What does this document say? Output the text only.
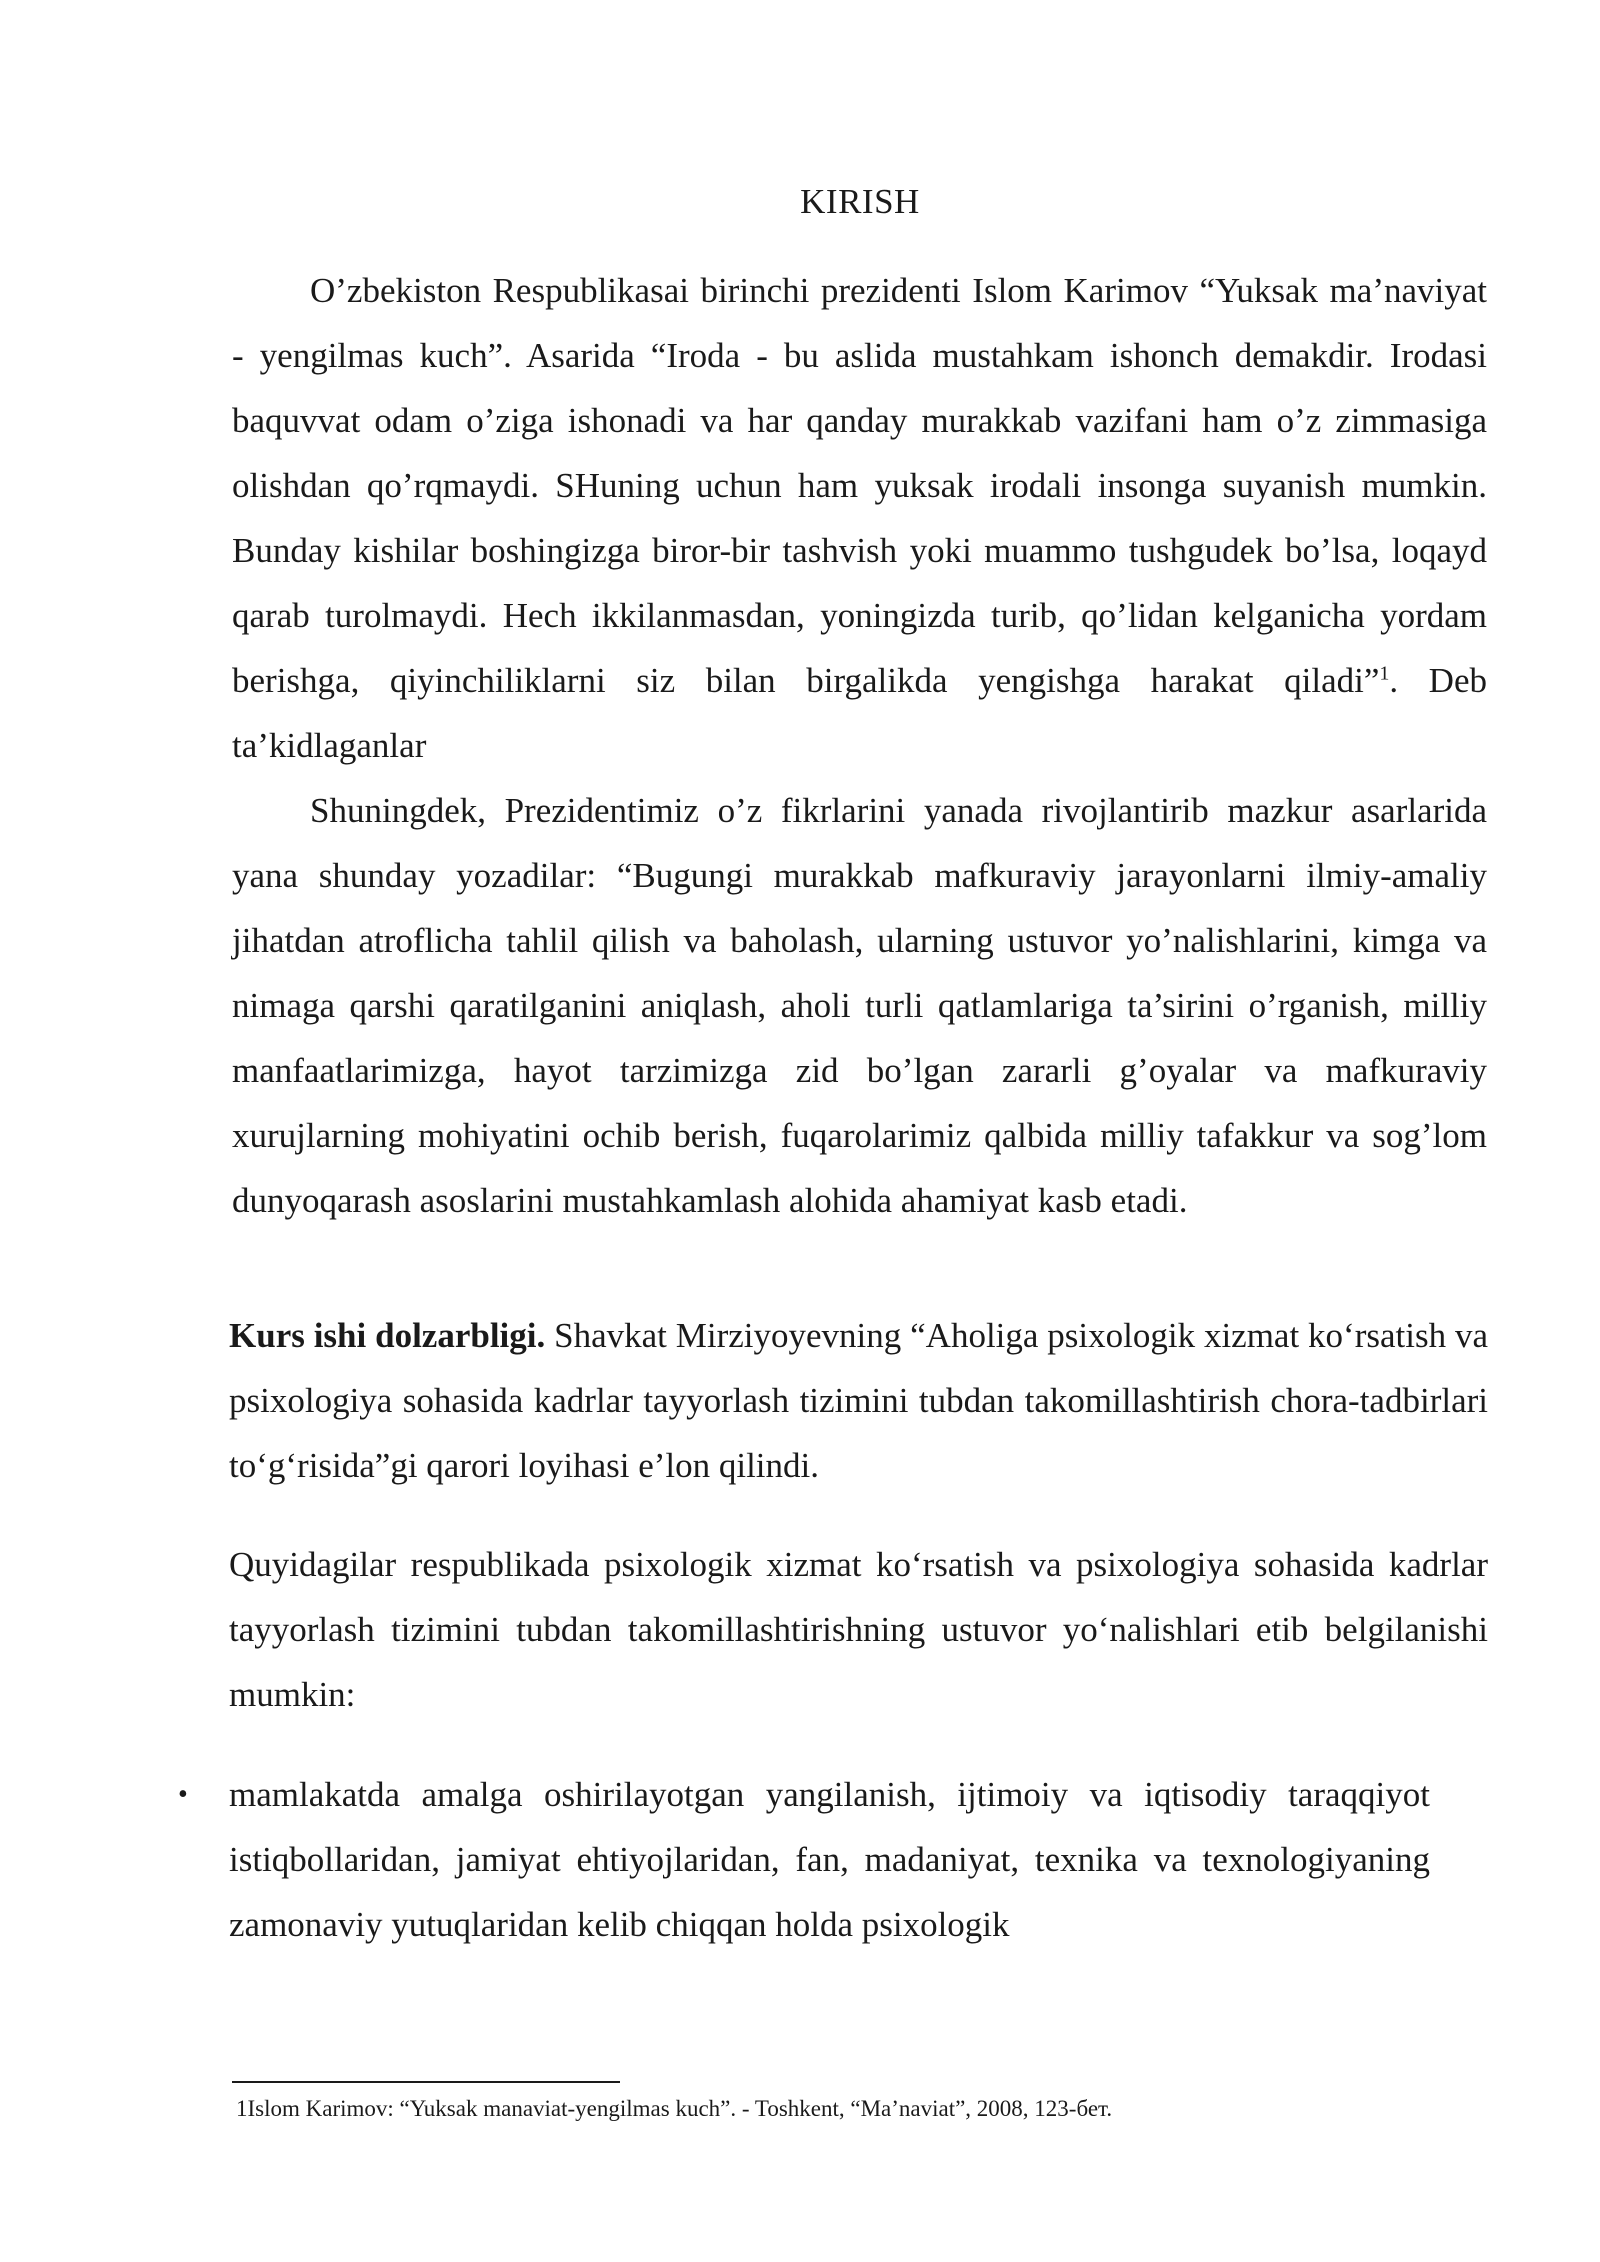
KIRISH

O’zbekiston Respublikasai birinchi prezidenti Islom Karimov “Yuksak ma’naviyat - yengilmas kuch”. Asarida “Iroda - bu aslida mustahkam ishonch demakdir. Irodasi baquvvat odam o’ziga ishonadi va har qanday murakkab vazifani ham o’z zimmasiga olishdan qo’rqmaydi. SHuning uchun ham yuksak irodali insonga suyanish mumkin. Bunday kishilar boshingizga biror-bir tashvish yoki muammo tushgudek bo’lsa, loqayd qarab turolmaydi. Hech ikkilanmasdan, yoningizda turib, qo’lidan kelganicha yordam berishga, qiyinchiliklarni siz bilan birgalikda yengishga harakat qiladi”$^1$. Deb ta’kidlaganlar

Shuningdek, Prezidentimiz o’z fikrlarini yanada rivojlantirib mazkur asarlarida yana shunday yozadilar: “Bugungi murakkab mafkuraviy jarayonlarni ilmiy-amaliy jihatdan atroflicha tahlil qilish va baholash, ularning ustuvor yo’nalishlarini, kimga va nimaga qarshi qaratilganini aniqlash, aholi turli qatlamlariga ta’sirini o’rganish, milliy manfaatlarimizga, hayot tarzimizga zid bo’lgan zararli g’oyalar va mafkuraviy xurujlarning mohiyatini ochib berish, fuqarolarimiz qalbida milliy tafakkur va sog’lom dunyoqarash asoslarini mustahkamlash alohida ahamiyat kasb etadi.

Kurs ishi dolzarbligi. Shavkat Mirziyoyevning “Aholiga psixologik xizmat ko‘rsatish va psixologiya sohasida kadrlar tayyorlash tizimini tubdan takomillashtirish chora-tadbirlari to‘g‘risida”gi qarori loyihasi e’lon qilindi.

Quyidagilar respublikada psixologik xizmat ko‘rsatish va psixologiya sohasida kadrlar tayyorlash tizimini tubdan takomillashtirishning ustuvor yo‘nalishlari etib belgilanishi mumkin:

• mamlakatda amalga oshirilayotgan yangilanish, ijtimoiy va iqtisodiy taraqqiyot istiqbollaridan, jamiyat ehtiyojlaridan, fan, madaniyat, texnika va texnologiyaning zamonaviy yutuqlaridan kelib chiqqan holda psixologik
1Islom Karimov: “Yuksak manaviat-yengilmas kuch”. - Toshkent, “Ma’naviat”, 2008, 123-бет.
